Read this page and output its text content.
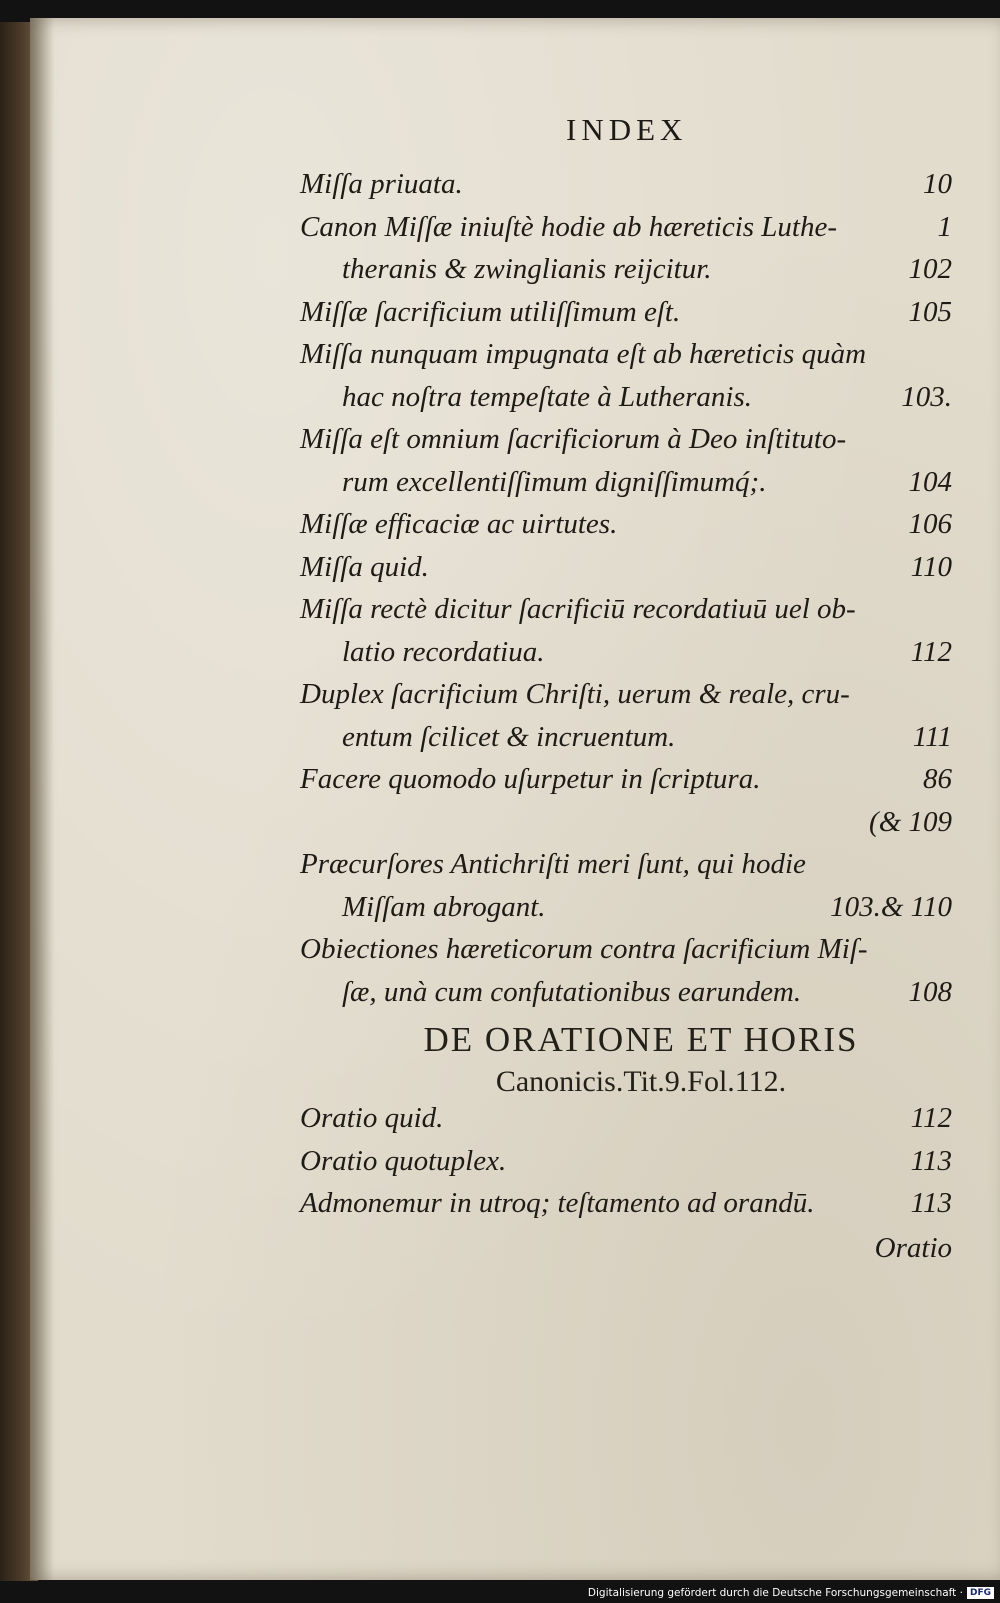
INDEX
Miſſa priuata.	10
Canon Miſſæ iniuſtè hodie ab hæreticis Luthe-	1
theranis & zwinglianis reijcitur.	102
Miſſæ ſacrificium utiliſſimum eſt.	105
Miſſa nunquam impugnata eſt ab hæreticis quàm
hac noſtra tempeſtate à Lutheranis.	103.
Miſſa eſt omnium ſacrificiorum à Deo inſtituto-
rum excellentiſſimum digniſſimumq́;.	104
Miſſæ efficaciæ ac uirtutes.	106
Miſſa quid.	110
Miſſa rectè dicitur ſacrificiū recordatiuū uel ob-
latio recordatiua.	112
Duplex ſacrificium Chriſti, uerum & reale, cru-
entum ſcilicet & incruentum.	111
Facere quomodo uſurpetur in ſcriptura.	86
(& 109
Præcurſores Antichriſti meri ſunt, qui hodie
Miſſam abrogant.	103.& 110
Obiectiones hæreticorum contra ſacrificium Miſ-
ſæ, unà cum confutationibus earundem.	108
DE ORATIONE ET HORIS
Canonicis.Tit.9.Fol.112.
Oratio quid.	112
Oratio quotuplex.	113
Admonemur in utroq; teſtamento ad orandū.	113
Oratio
Digitalisierung gefördert durch die Deutsche Forschungsgemeinschaft · DFG
